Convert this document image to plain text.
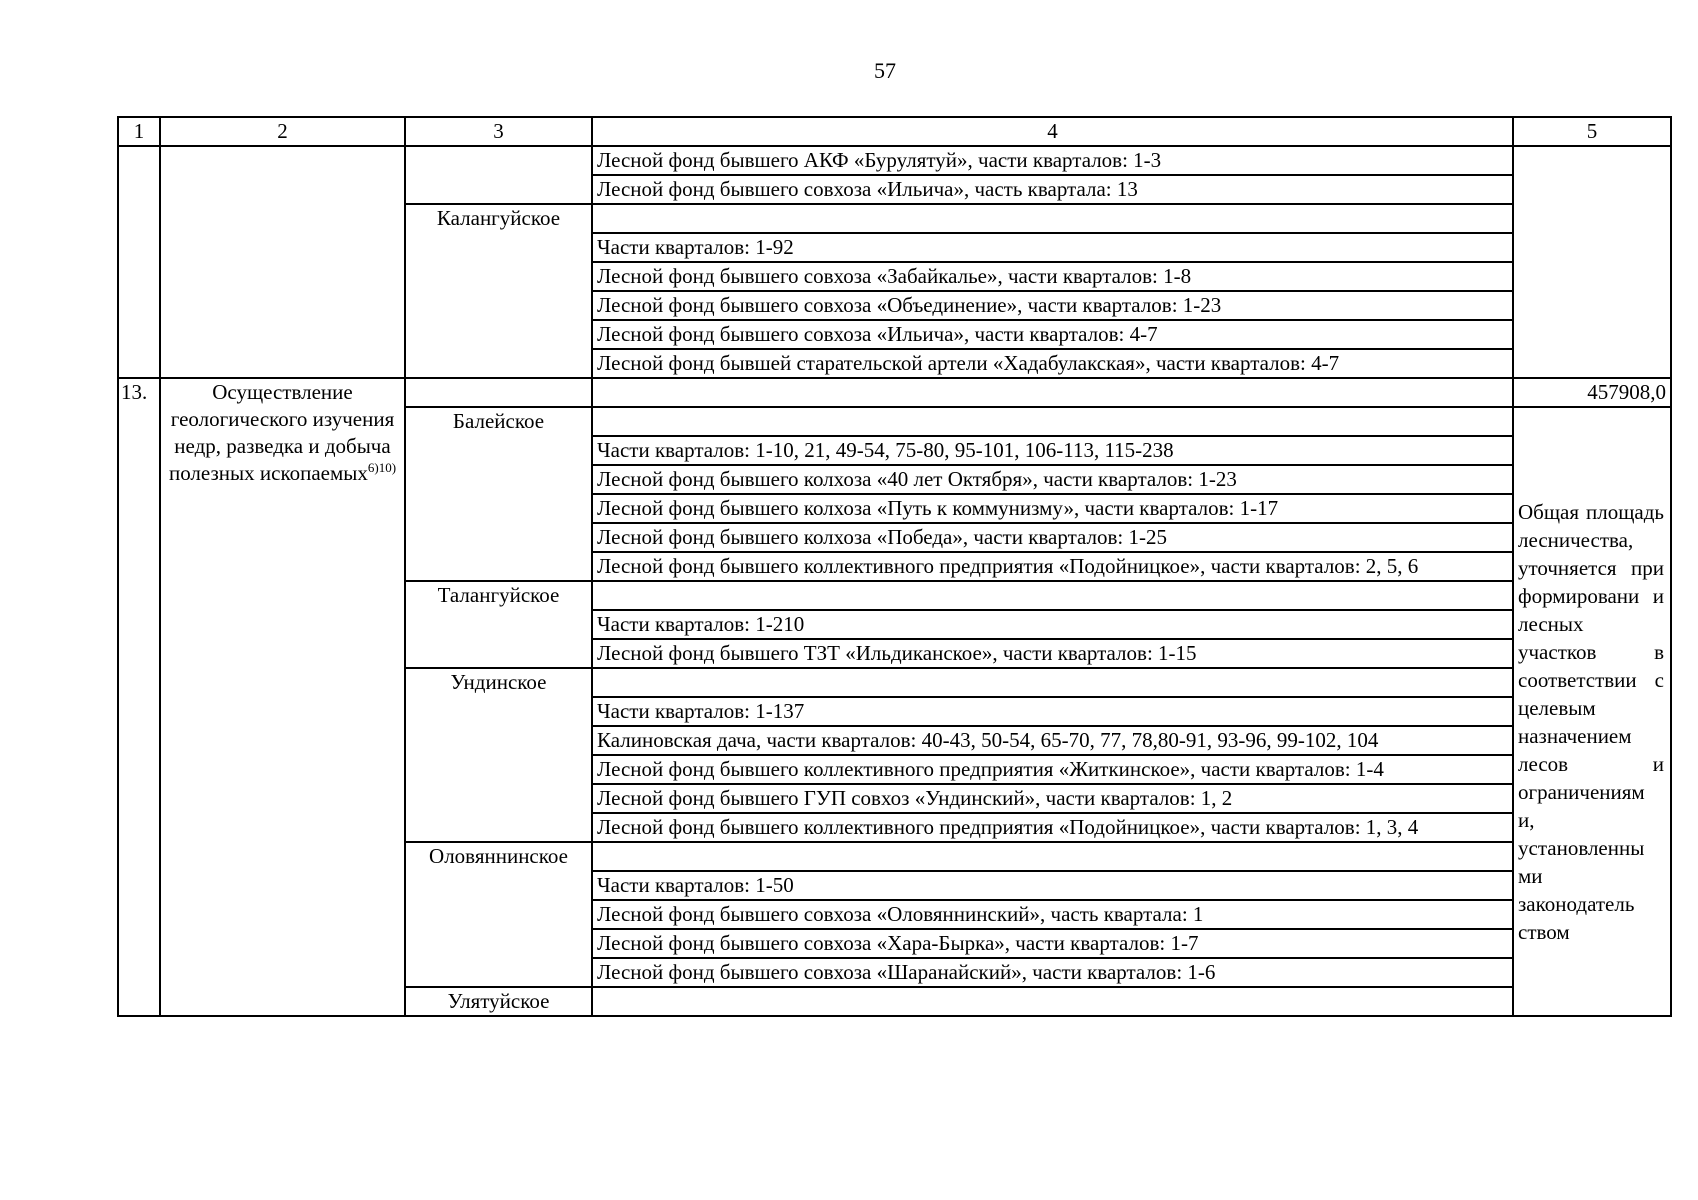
57
1	2	3	4	5
			Лесной фонд бывшего АКФ «Бурулятуй», части кварталов: 1-3	
			Лесной фонд бывшего совхоза «Ильича», часть квартала: 13	
		Калангуйское		
			Части кварталов: 1-92	
			Лесной фонд бывшего совхоза «Забайкалье», части кварталов: 1-8	
			Лесной фонд бывшего совхоза «Объединение», части кварталов: 1-23	
			Лесной фонд бывшего совхоза «Ильича», части кварталов: 4-7	
			Лесной фонд бывшей старательской артели «Хадабулакская», части кварталов: 4-7	
13.	Осуществление геологического изучения недр, разведка и добыча полезных ископаемых$^{6)10)}$			457908,0

		Балейское		Общая площадь лесничества, уточняется при формировани и лесных участков в соответствии с целевым назначением лесов и ограничениям и, установленны ми законодатель ством

			Части кварталов: 1-10, 21, 49-54, 75-80, 95-101, 106-113, 115-238	
			Лесной фонд бывшего колхоза «40 лет Октября», части кварталов: 1-23	
			Лесной фонд бывшего колхоза «Путь к коммунизму», части кварталов: 1-17	
			Лесной фонд бывшего колхоза «Победа», части кварталов: 1-25	
			Лесной фонд бывшего коллективного предприятия «Подойницкое», части кварталов: 2, 5, 6	
		Талангуйское		
			Части кварталов: 1-210	
			Лесной фонд бывшего ТЗТ «Ильдиканское», части кварталов: 1-15	
		Ундинское		
			Части кварталов: 1-137	
			Калиновская дача, части кварталов: 40-43, 50-54, 65-70, 77, 78,80-91, 93-96, 99-102, 104	
			Лесной фонд бывшего коллективного предприятия «Житкинское», части кварталов: 1-4	
			Лесной фонд бывшего ГУП совхоз «Ундинский», части кварталов: 1, 2	
			Лесной фонд бывшего коллективного предприятия «Подойницкое», части кварталов: 1, 3, 4	
		Оловяннинское		
			Части кварталов: 1-50	
			Лесной фонд бывшего совхоза «Оловяннинский», часть квартала: 1	
			Лесной фонд бывшего совхоза «Хара-Бырка», части кварталов: 1-7	
			Лесной фонд бывшего совхоза «Шаранайский», части кварталов: 1-6	
		Улятуйское		
